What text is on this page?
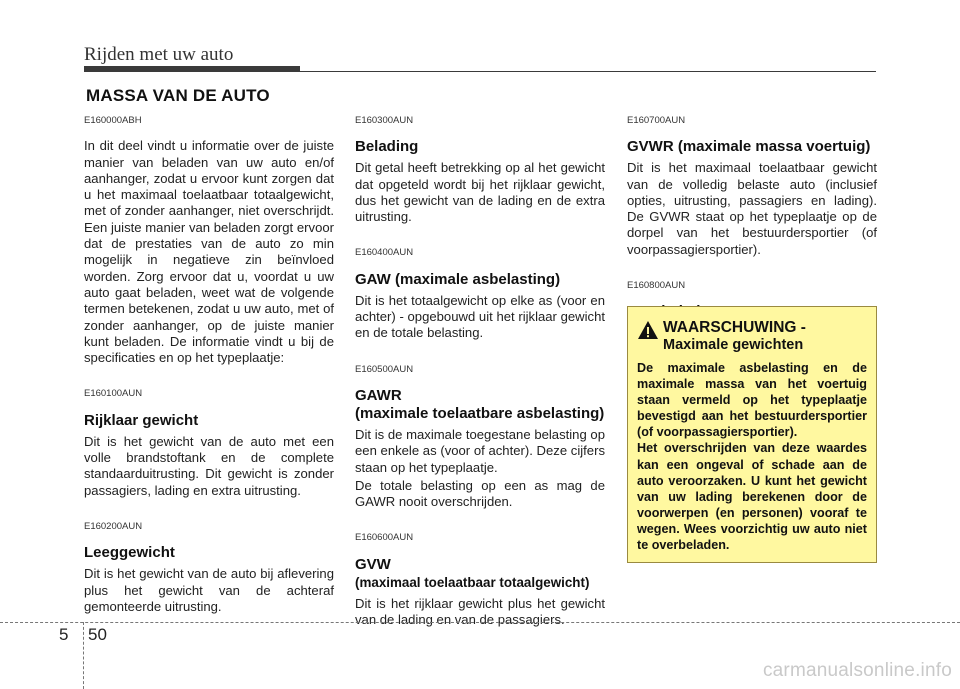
Rijden met uw auto
MASSA VAN DE AUTO
E160000ABH

In dit deel vindt u informatie over de juiste manier van beladen van uw auto en/of aanhanger, zodat u ervoor kunt zorgen dat u het maximaal toelaatbaar totaalgewicht, met of zonder aanhanger, niet overschrijdt. Een juiste manier van beladen zorgt ervoor dat de prestaties van de auto zo min mogelijk in negatieve zin beïnvloed worden. Zorg ervoor dat u, voordat u uw auto gaat beladen, weet wat de volgende termen betekenen, zodat u uw auto, met of zonder aanhanger, op de juiste manier kunt beladen. De informatie vindt u bij de specificaties en op het typeplaatje:

E160100AUN
Rijklaar gewicht

Dit is het gewicht van de auto met een volle brandstoftank en de complete standaarduitrusting. Dit gewicht is zonder passagiers, lading en extra uitrusting.

E160200AUN
Leeggewicht

Dit is het gewicht van de auto bij aflevering plus het gewicht van de achteraf gemonteerde uitrusting.

E160300AUN
Belading

Dit getal heeft betrekking op al het gewicht dat opgeteld wordt bij het rijklaar gewicht, dus het gewicht van de lading en de extra uitrusting.

E160400AUN
GAW (maximale asbelasting)

Dit is het totaalgewicht op elke as (voor en achter) - opgebouwd uit het rijklaar gewicht en de totale belasting.

E160500AUN
GAWR
(maximale toelaatbare asbelasting)

Dit is de maximale toegestane belasting op een enkele as (voor of achter). Deze cijfers staan op het typeplaatje.

De totale belasting op een as mag de GAWR nooit overschrijden.

E160600AUN
GVW
(maximaal toelaatbaar totaalgewicht)

Dit is het rijklaar gewicht plus het gewicht van de lading en van de passagiers.

E160700AUN
GVWR (maximale massa voertuig)

Dit is het maximaal toelaatbaar gewicht van de volledig belaste auto (inclusief opties, uitrusting, passagiers en lading). De GVWR staat op het typeplaatje op de dorpel van het bestuurdersportier (of voorpassagiersportier).

E160800AUN
WAARSCHUWING -
Maximale gewichten

De maximale asbelasting en de maximale massa van het voertuig staan vermeld op het typeplaatje bevestigd aan het bestuurdersportier (of voorpassagiersportier).

Het overschrijden van deze waardes kan een ongeval of schade aan de auto veroorzaken. U kunt het gewicht van uw lading berekenen door de voorwerpen (en personen) vooraf te wegen. Wees voorzichtig uw auto niet te overbeladen.

5 50
carmanualsonline.info
